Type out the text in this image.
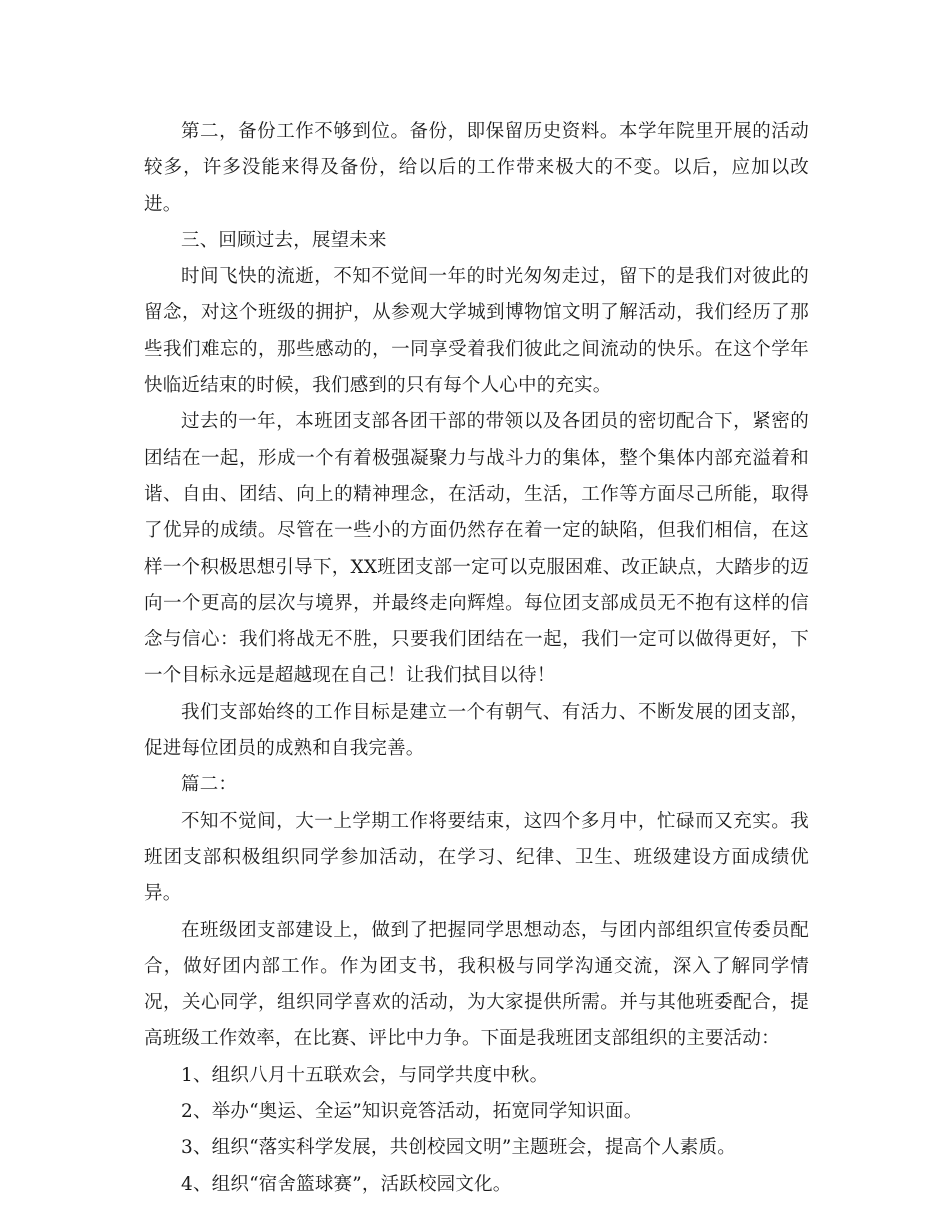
第二，备份工作不够到位。备份，即保留历史资料。本学年院里开展的活动较多，许多没能来得及备份，给以后的工作带来极大的不变。以后，应加以改进。

三、回顾过去，展望未来

时间飞快的流逝，不知不觉间一年的时光匆匆走过，留下的是我们对彼此的留念，对这个班级的拥护，从参观大学城到博物馆文明了解活动，我们经历了那些我们难忘的，那些感动的，一同享受着我们彼此之间流动的快乐。在这个学年快临近结束的时候，我们感到的只有每个人心中的充实。

过去的一年，本班团支部各团干部的带领以及各团员的密切配合下，紧密的团结在一起，形成一个有着极强凝聚力与战斗力的集体，整个集体内部充溢着和谐、自由、团结、向上的精神理念，在活动，生活，工作等方面尽己所能，取得了优异的成绩。尽管在一些小的方面仍然存在着一定的缺陷，但我们相信，在这样一个积极思想引导下，XX班团支部一定可以克服困难、改正缺点，大踏步的迈向一个更高的层次与境界，并最终走向辉煌。每位团支部成员无不抱有这样的信念与信心：我们将战无不胜，只要我们团结在一起，我们一定可以做得更好，下一个目标永远是超越现在自己！让我们拭目以待！

我们支部始终的工作目标是建立一个有朝气、有活力、不断发展的团支部，促进每位团员的成熟和自我完善。

篇二：

不知不觉间，大一上学期工作将要结束，这四个多月中，忙碌而又充实。我班团支部积极组织同学参加活动，在学习、纪律、卫生、班级建设方面成绩优异。

在班级团支部建设上，做到了把握同学思想动态，与团内部组织宣传委员配合，做好团内部工作。作为团支书，我积极与同学沟通交流，深入了解同学情况，关心同学，组织同学喜欢的活动，为大家提供所需。并与其他班委配合，提高班级工作效率，在比赛、评比中力争。下面是我班团支部组织的主要活动：

1、组织八月十五联欢会，与同学共度中秋。

2、举办“奥运、全运”知识竞答活动，拓宽同学知识面。

3、组织“落实科学发展，共创校园文明”主题班会，提高个人素质。

4、组织“宿舍篮球赛”，活跃校园文化。
